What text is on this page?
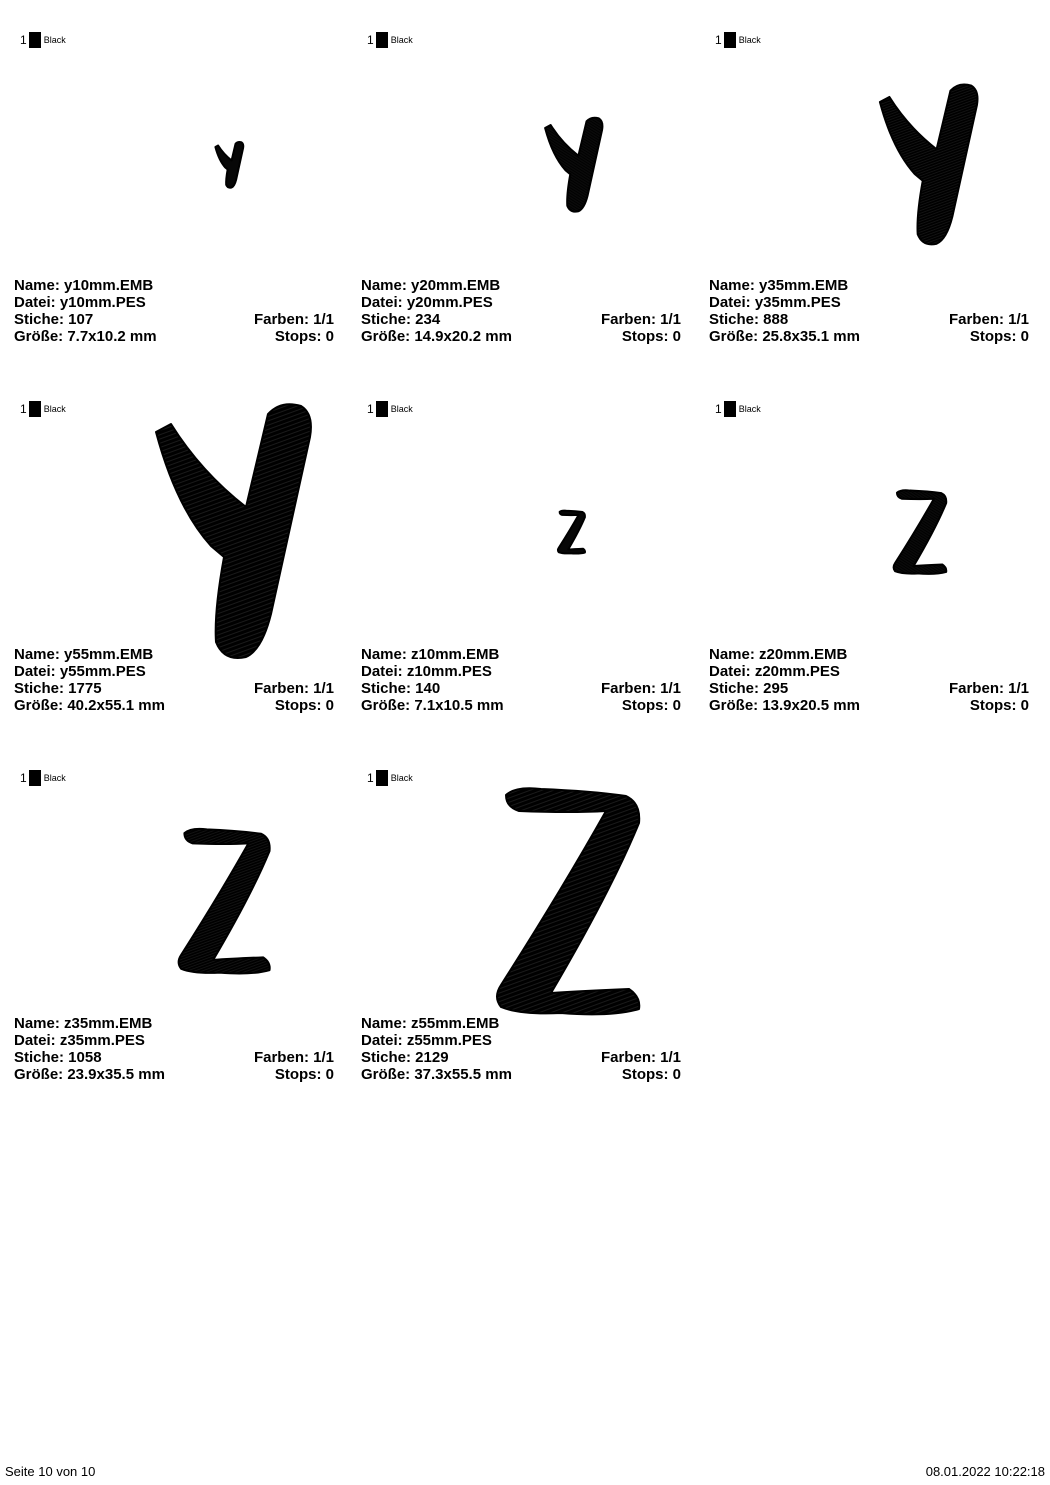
1 Black
Name: y10mm.EMB
Datei: y10mm.PES
Stiche: 107	Farben: 1/1
Größe: 7.7x10.2 mm	Stops: 0
1 Black
Name: y20mm.EMB
Datei: y20mm.PES
Stiche: 234	Farben: 1/1
Größe: 14.9x20.2 mm	Stops: 0
1 Black
Name: y35mm.EMB
Datei: y35mm.PES
Stiche: 888	Farben: 1/1
Größe: 25.8x35.1 mm	Stops: 0
1 Black
Name: y55mm.EMB
Datei: y55mm.PES
Stiche: 1775	Farben: 1/1
Größe: 40.2x55.1 mm	Stops: 0
1 Black
Name: z10mm.EMB
Datei: z10mm.PES
Stiche: 140	Farben: 1/1
Größe: 7.1x10.5 mm	Stops: 0
1 Black
Name: z20mm.EMB
Datei: z20mm.PES
Stiche: 295	Farben: 1/1
Größe: 13.9x20.5 mm	Stops: 0
1 Black
Name: z35mm.EMB
Datei: z35mm.PES
Stiche: 1058	Farben: 1/1
Größe: 23.9x35.5 mm	Stops: 0
1 Black
Name: z55mm.EMB
Datei: z55mm.PES
Stiche: 2129	Farben: 1/1
Größe: 37.3x55.5 mm	Stops: 0
Seite 10 von 10	08.01.2022 10:22:18
